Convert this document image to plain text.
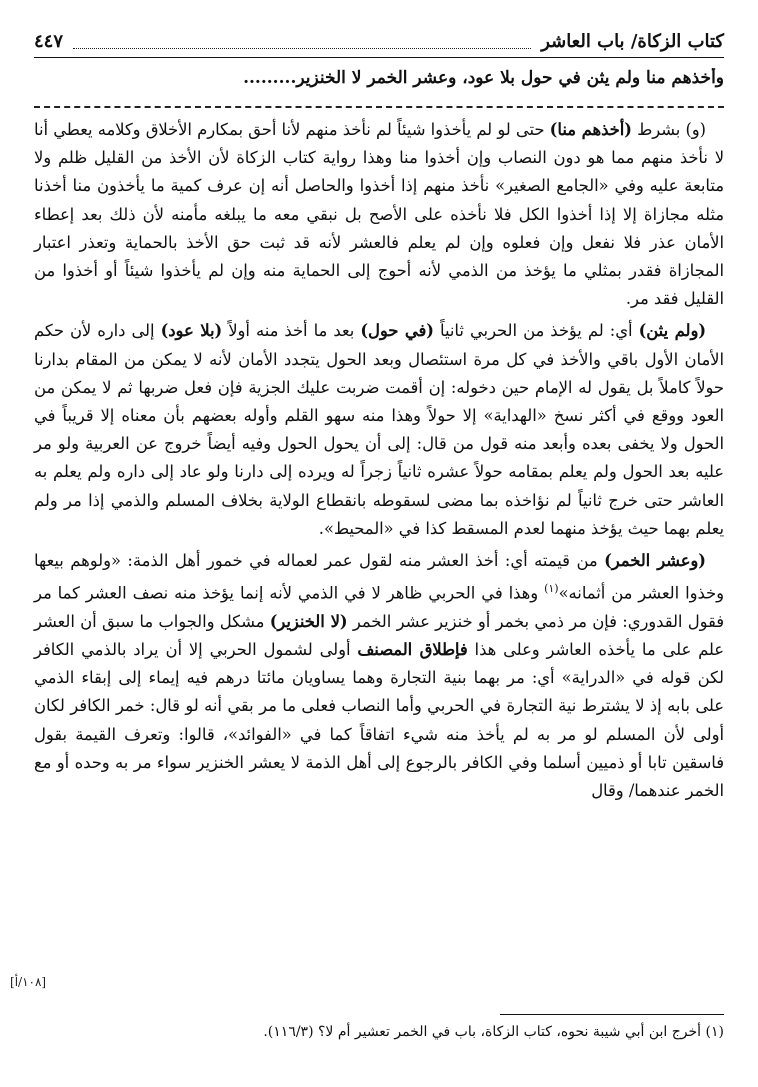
كتاب الزكاة/ باب العاشر
٤٤٧
وأخذهم منا ولم يثن في حول بلا عود، وعشر الخمر لا الخنزير.........

(و) بشرط (أخذهم منا) حتى لو لم يأخذوا شيئاً لم نأخذ منهم لأنا أحق بمكارم الأخلاق وكلامه يعطي أنا لا نأخذ منهم مما هو دون النصاب وإن أخذوا منا وهذا رواية كتاب الزكاة لأن الأخذ من القليل ظلم ولا متابعة عليه وفي «الجامع الصغير» نأخذ منهم إذا أخذوا والحاصل أنه إن عرف كمية ما يأخذون منا أخذنا مثله مجازاة إلا إذا أخذوا الكل فلا نأخذه على الأصح بل نبقي معه ما يبلغه مأمنه لأن ذلك بعد إعطاء الأمان عذر فلا نفعل وإن فعلوه وإن لم يعلم فالعشر لأنه قد ثبت حق الأخذ بالحماية وتعذر اعتبار المجازاة فقدر بمثلي ما يؤخذ من الذمي لأنه أحوج إلى الحماية منه وإن لم يأخذوا شيئاً أو أخذوا من القليل فقد مر.

(ولم يثن) أي: لم يؤخذ من الحربي ثانياً (في حول) بعد ما أخذ منه أولاً (بلا عود) إلى داره لأن حكم الأمان الأول باقي والأخذ في كل مرة استئصال وبعد الحول يتجدد الأمان لأنه لا يمكن من المقام بدارنا حولاً كاملاً بل يقول له الإمام حين دخوله: إن أقمت ضربت عليك الجزية فإن فعل ضربها ثم لا يمكن من العود ووقع في أكثر نسخ «الهداية» إلا حولاً وهذا منه سهو القلم وأوله بعضهم بأن معناه إلا قريباً في الحول ولا يخفى بعده وأبعد منه قول من قال: إلى أن يحول الحول وفيه أيضاً خروج عن العربية ولو مر عليه بعد الحول ولم يعلم بمقامه حولاً عشره ثانياً زجراً له ويرده إلى دارنا ولو عاد إلى داره ولم يعلم به العاشر حتى خرج ثانياً لم نؤاخذه بما مضى لسقوطه بانقطاع الولاية بخلاف المسلم والذمي إذا مر ولم يعلم بهما حيث يؤخذ منهما لعدم المسقط كذا في «المحيط».

(وعشر الخمر) من قيمته أي: أخذ العشر منه لقول عمر لعماله في خمور أهل الذمة: «ولوهم بيعها وخذوا العشر من أثمانه»$^{(١)}$ وهذا في الحربي ظاهر لا في الذمي لأنه إنما يؤخذ منه نصف العشر كما مر فقول القدوري: فإن مر ذمي بخمر أو خنزير عشر الخمر (لا الخنزير) مشكل والجواب ما سبق أن العشر علم على ما يأخذه العاشر وعلى هذا فإطلاق المصنف أولى لشمول الحربي إلا أن يراد بالذمي الكافر لكن قوله في «الدراية» أي: مر بهما بنية التجارة وهما يساويان مائتا درهم فيه إيماء إلى إبقاء الذمي على بابه إذ لا يشترط نية التجارة في الحربي وأما النصاب فعلى ما مر بقي أنه لو قال: خمر الكافر لكان أولى لأن المسلم لو مر به لم يأخذ منه شيء اتفاقاً كما في «الفوائد»، قالوا: وتعرف القيمة بقول فاسقين تابا أو ذميين أسلما وفي الكافر بالرجوع إلى أهل الذمة لا يعشر الخنزير سواء مر به وحده أو مع الخمر عندهما/ وقال

[١٠٨/أ]
(١) أخرج ابن أبي شيبة نحوه، كتاب الزكاة، باب في الخمر تعشير أم لا؟ (١١٦/٣).
